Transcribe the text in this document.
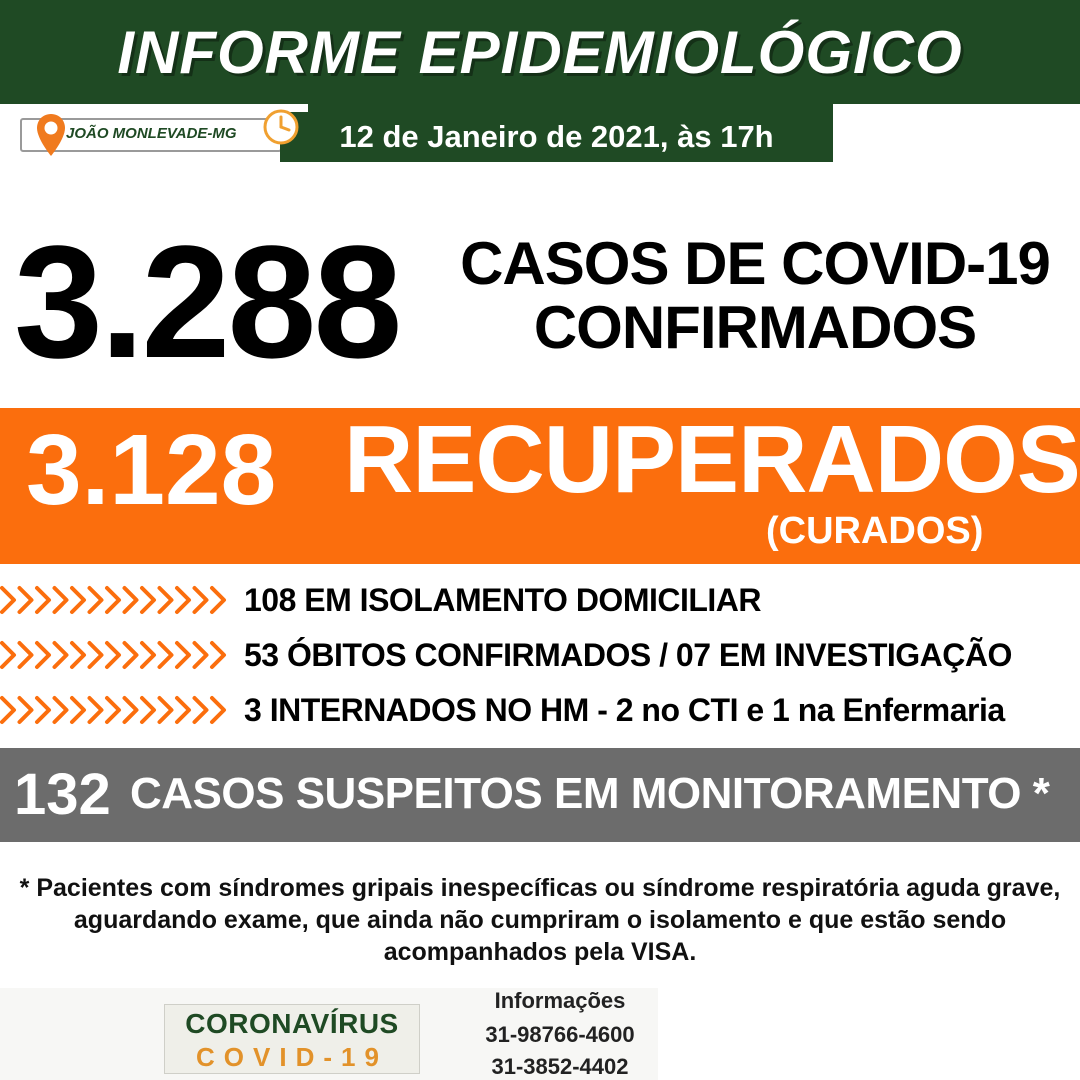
INFORME EPIDEMIOLÓGICO
JOÃO MONLEVADE-MG	12 de Janeiro de 2021, às 17h
3.288	CASOS DE COVID-19
CONFIRMADOS
3.128 RECUPERADOS
(CURADOS)
108 EM ISOLAMENTO DOMICILIAR
53 ÓBITOS CONFIRMADOS / 07 EM INVESTIGAÇÃO
3 INTERNADOS NO HM - 2 no CTI e 1 na Enfermaria
132 CASOS SUSPEITOS EM MONITORAMENTO *
* Pacientes com síndromes gripais inespecíficas ou síndrome respiratória aguda grave,
aguardando exame, que ainda não cumpriram o isolamento e que estão sendo
acompanhados pela VISA.
CORONAVÍRUS
COVID-19
Informações
31-98766-4600
31-3852-4402
